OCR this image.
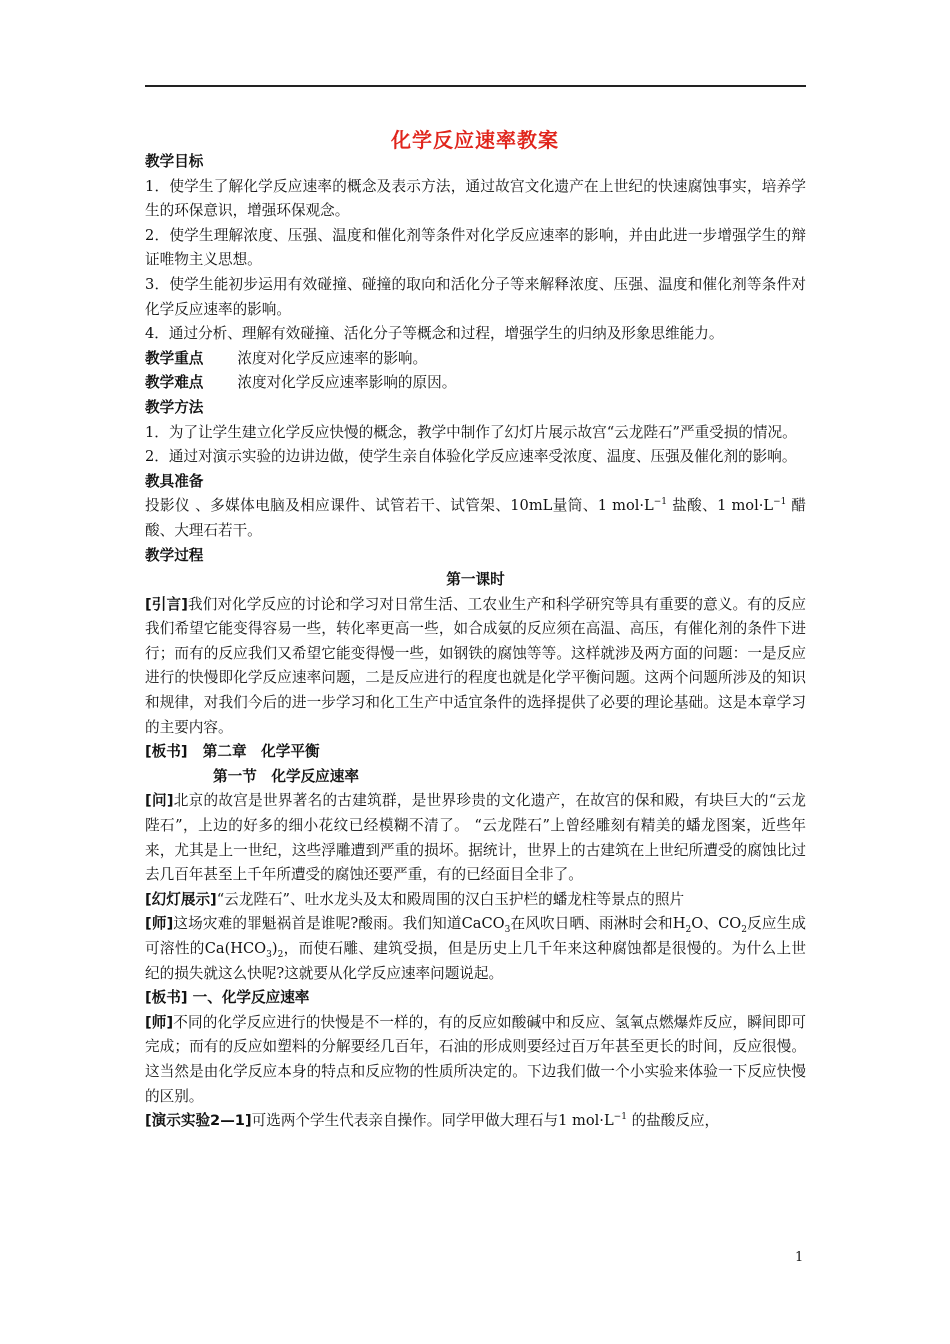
化学反应速率教案

教学目标

1．使学生了解化学反应速率的概念及表示方法，通过故宫文化遗产在上世纪的快速腐蚀事实，培养学生的环保意识，增强环保观念。

2．使学生理解浓度、压强、温度和催化剂等条件对化学反应速率的影响，并由此进一步增强学生的辩证唯物主义思想。

3．使学生能初步运用有效碰撞、碰撞的取向和活化分子等来解释浓度、压强、温度和催化剂等条件对化学反应速率的影响。

4．通过分析、理解有效碰撞、活化分子等概念和过程，增强学生的归纳及形象思维能力。

教学重点 浓度对化学反应速率的影响。

教学难点 浓度对化学反应速率影响的原因。

教学方法

1．为了让学生建立化学反应快慢的概念，教学中制作了幻灯片展示故宫“云龙陛石”严重受损的情况。

2．通过对演示实验的边讲边做，使学生亲自体验化学反应速率受浓度、温度、压强及催化剂的影响。

教具准备

投影仪 、多媒体电脑及相应课件、试管若干、试管架、10mL量筒、1 $mol\cdot L^{-1}$ 盐酸、1 $mol\cdot L^{-1}$ 醋酸、大理石若干。

教学过程

第一课时

[引言]我们对化学反应的讨论和学习对日常生活、工农业生产和科学研究等具有重要的意义。有的反应我们希望它能变得容易一些，转化率更高一些，如合成氨的反应须在高温、高压，有催化剂的条件下进行；而有的反应我们又希望它能变得慢一些，如钢铁的腐蚀等等。这样就涉及两方面的问题：一是反应进行的快慢即化学反应速率问题，二是反应进行的程度也就是化学平衡问题。这两个问题所涉及的知识和规律，对我们今后的进一步学习和化工生产中适宜条件的选择提供了必要的理论基础。这是本章学习的主要内容。

[板书] 第二章　化学平衡

第一节　化学反应速率

[问]北京的故宫是世界著名的古建筑群，是世界珍贵的文化遗产，在故宫的保和殿，有块巨大的“云龙陛石”，上边的好多的细小花纹已经模糊不清了。 “云龙陛石”上曾经雕刻有精美的蟠龙图案，近些年来，尤其是上一世纪，这些浮雕遭到严重的损坏。据统计，世界上的古建筑在上世纪所遭受的腐蚀比过去几百年甚至上千年所遭受的腐蚀还要严重，有的已经面目全非了。

[幻灯展示]“云龙陛石”、吐水龙头及太和殿周围的汉白玉护栏的蟠龙柱等景点的照片

[师]这场灾难的罪魁祸首是谁呢?酸雨。我们知道CaCO$_3$在风吹日晒、雨淋时会和$H_2O$、$CO_2$反应生成可溶性的$Ca(HCO_3)_2$，而使石雕、建筑受损，但是历史上几千年来这种腐蚀都是很慢的。为什么上世纪的损失就这么快呢?这就要从化学反应速率问题说起。

[板书] 一、化学反应速率

[师]不同的化学反应进行的快慢是不一样的，有的反应如酸碱中和反应、氢氧点燃爆炸反应，瞬间即可完成；而有的反应如塑料的分解要经几百年，石油的形成则要经过百万年甚至更长的时间，反应很慢。这当然是由化学反应本身的特点和反应物的性质所决定的。下边我们做一个小实验来体验一下反应快慢的区别。

[演示实验2—1]可选两个学生代表亲自操作。同学甲做大理石与1 $mol\cdot L^{-1}$ 的盐酸反应，

1
